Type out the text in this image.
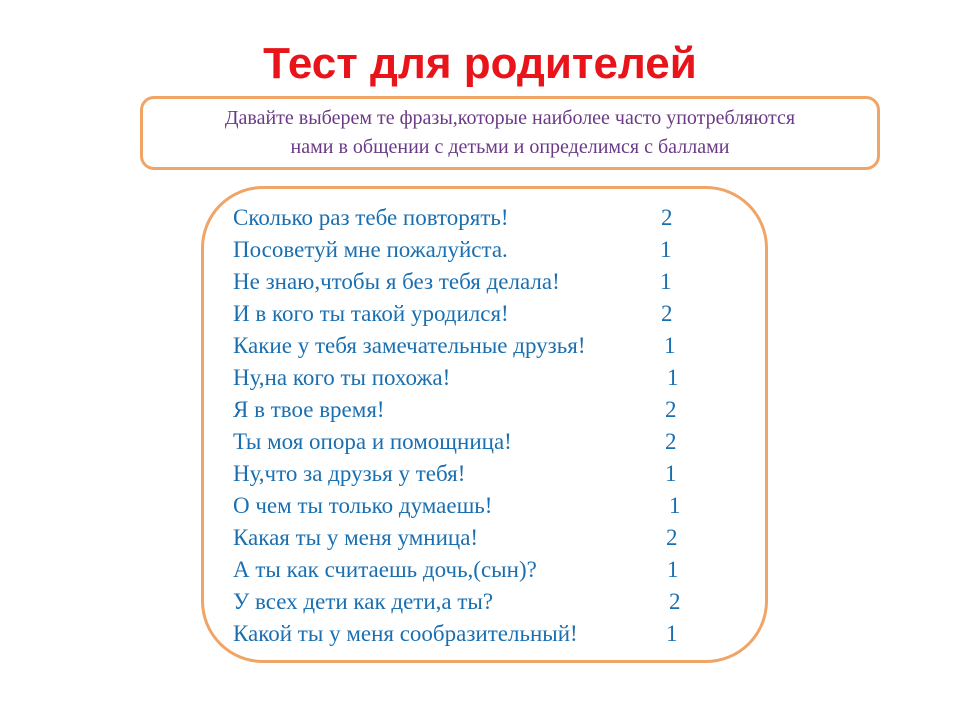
Тест для родителей

Давайте выберем те фразы,которые наиболее часто употребляются
нами в общении с детьми и определимся с баллами

Сколько раз тебе повторять!	2
Посоветуй мне пожалуйста.	1
Не знаю,чтобы я без тебя делала!	1
И в кого ты такой уродился!	2
Какие у тебя замечательные друзья!	1
Ну,на кого ты похожа!	1
Я в твое время!	2
Ты моя опора и помощница!	2
Ну,что за друзья у тебя!	1
О чем ты только думаешь!	1
Какая ты у меня умница!	2
А ты как считаешь дочь,(сын)?	1
У всех дети как дети,а ты?	2
Какой ты у меня сообразительный!	1
